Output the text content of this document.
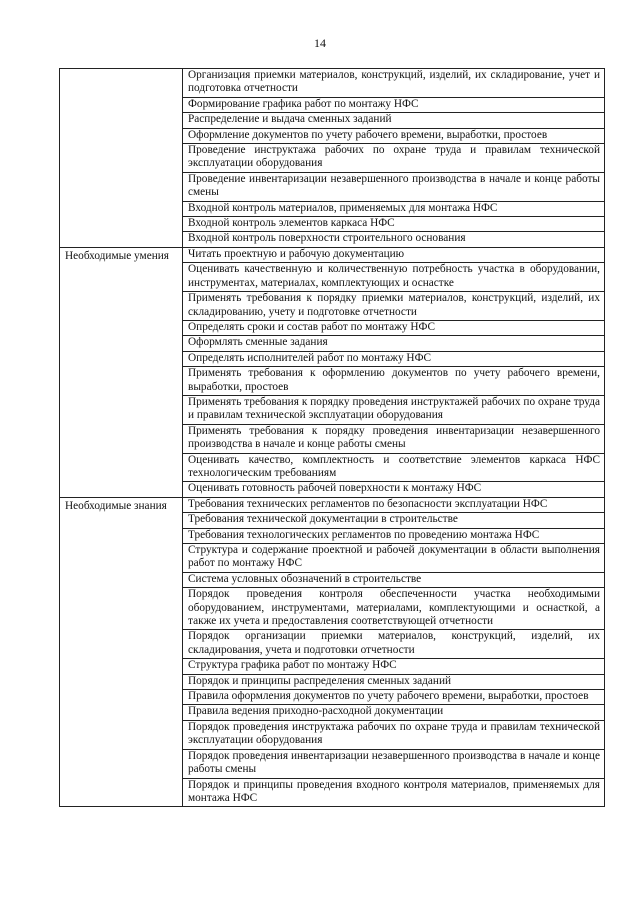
14
	Организация приемки материалов, конструкций, изделий, их складирование, учет и подготовка отчетности
	Формирование графика работ по монтажу НФС
	Распределение и выдача сменных заданий
	Оформление документов по учету рабочего времени, выработки, простоев
	Проведение инструктажа рабочих по охране труда и правилам технической эксплуатации оборудования
	Проведение инвентаризации незавершенного производства в начале и конце работы смены
	Входной контроль материалов, применяемых для монтажа НФС
	Входной контроль элементов каркаса НФС
	Входной контроль поверхности строительного основания
Необходимые умения	Читать проектную и рабочую документацию
	Оценивать качественную и количественную потребность участка в оборудовании, инструментах, материалах, комплектующих и оснастке
	Применять требования к порядку приемки материалов, конструкций, изделий, их складированию, учету и подготовке отчетности
	Определять сроки и состав работ по монтажу НФС
	Оформлять сменные задания
	Определять исполнителей работ по монтажу НФС
	Применять требования к оформлению документов по учету рабочего времени, выработки, простоев
	Применять требования к порядку проведения инструктажей рабочих по охране труда и правилам технической эксплуатации оборудования
	Применять требования к порядку проведения инвентаризации незавершенного производства в начале и конце работы смены
	Оценивать качество, комплектность и соответствие элементов каркаса НФС технологическим требованиям
	Оценивать готовность рабочей поверхности к монтажу НФС
Необходимые знания	Требования технических регламентов по безопасности эксплуатации НФС
	Требования технической документации в строительстве
	Требования технологических регламентов по проведению монтажа НФС
	Структура и содержание проектной и рабочей документации в области выполнения работ по монтажу НФС
	Система условных обозначений в строительстве
	Порядок проведения контроля обеспеченности участка необходимыми оборудованием, инструментами, материалами, комплектующими и оснасткой, а также их учета и предоставления соответствующей отчетности
	Порядок организации приемки материалов, конструкций, изделий, их складирования, учета и подготовки отчетности
	Структура графика работ по монтажу НФС
	Порядок и принципы распределения сменных заданий
	Правила оформления документов по учету рабочего времени, выработки, простоев
	Правила ведения приходно-расходной документации
	Порядок проведения инструктажа рабочих по охране труда и правилам технической эксплуатации оборудования
	Порядок проведения инвентаризации незавершенного производства в начале и конце работы смены
	Порядок и принципы проведения входного контроля материалов, применяемых для монтажа НФС
